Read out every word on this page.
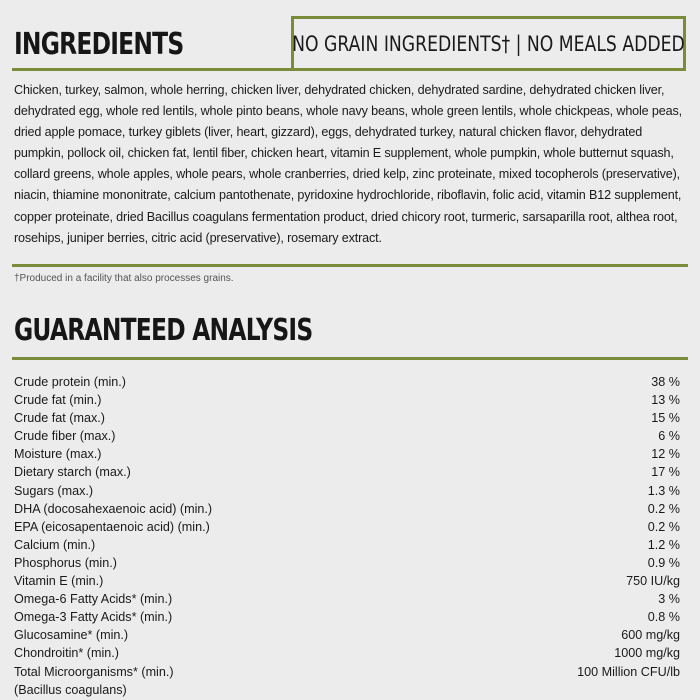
INGREDIENTS	NO GRAIN INGREDIENTS† | NO MEALS ADDED

Chicken, turkey, salmon, whole herring, chicken liver, dehydrated chicken, dehydrated sardine, dehydrated chicken liver, dehydrated egg, whole red lentils, whole pinto beans, whole navy beans, whole green lentils, whole chickpeas, whole peas, dried apple pomace, turkey giblets (liver, heart, gizzard), eggs, dehydrated turkey, natural chicken flavor, dehydrated pumpkin, pollock oil, chicken fat, lentil fiber, chicken heart, vitamin E supplement, whole pumpkin, whole butternut squash, collard greens, whole apples, whole pears, whole cranberries, dried kelp, zinc proteinate, mixed tocopherols (preservative), niacin, thiamine mononitrate, calcium pantothenate, pyridoxine hydrochloride, riboflavin, folic acid, vitamin B12 supplement, copper proteinate, dried Bacillus coagulans fermentation product, dried chicory root, turmeric, sarsaparilla root, althea root, rosehips, juniper berries, citric acid (preservative), rosemary extract.

†Produced in a facility that also processes grains.

GUARANTEED ANALYSIS
Crude protein (min.)	38 %
Crude fat (min.)	13 %
Crude fat (max.)	15 %
Crude fiber (max.)	6 %
Moisture (max.)	12 %
Dietary starch (max.)	17 %
Sugars (max.)	1.3 %
DHA (docosahexaenoic acid) (min.)	0.2 %
EPA (eicosapentaenoic acid) (min.)	0.2 %
Calcium (min.)	1.2 %
Phosphorus (min.)	0.9 %
Vitamin E (min.)	750 IU/kg
Omega-6 Fatty Acids* (min.)	3 %
Omega-3 Fatty Acids* (min.)	0.8 %
Glucosamine* (min.)	600 mg/kg
Chondroitin* (min.)	1000 mg/kg
Total Microorganisms* (min.)
(Bacillus coagulans)
100 Million CFU/lb
